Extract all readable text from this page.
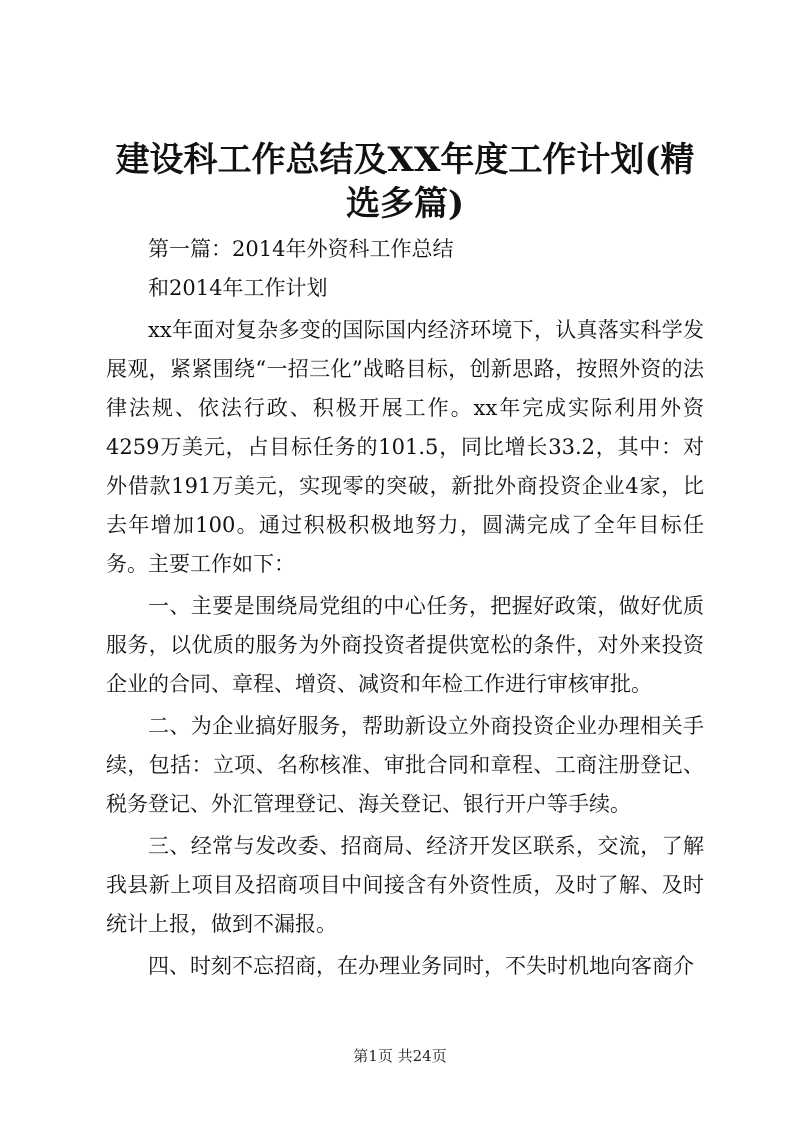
建设科工作总结及XX年度工作计划(精选多篇)

第一篇：2014年外资科工作总结

和2014年工作计划

xx年面对复杂多变的国际国内经济环境下，认真落实科学发展观，紧紧围绕“一招三化”战略目标，创新思路，按照外资的法律法规、依法行政、积极开展工作。xx年完成实际利用外资4259万美元，占目标任务的101.5，同比增长33.2，其中：对外借款191万美元，实现零的突破，新批外商投资企业4家，比去年增加100。通过积极积极地努力，圆满完成了全年目标任务。主要工作如下：

一、主要是围绕局党组的中心任务，把握好政策，做好优质服务，以优质的服务为外商投资者提供宽松的条件，对外来投资企业的合同、章程、增资、减资和年检工作进行审核审批。

二、为企业搞好服务，帮助新设立外商投资企业办理相关手续，包括：立项、名称核准、审批合同和章程、工商注册登记、税务登记、外汇管理登记、海关登记、银行开户等手续。

三、经常与发改委、招商局、经济开发区联系，交流，了解我县新上项目及招商项目中间接含有外资性质，及时了解、及时统计上报，做到不漏报。

四、时刻不忘招商，在办理业务同时，不失时机地向客商介

第1页 共24页
